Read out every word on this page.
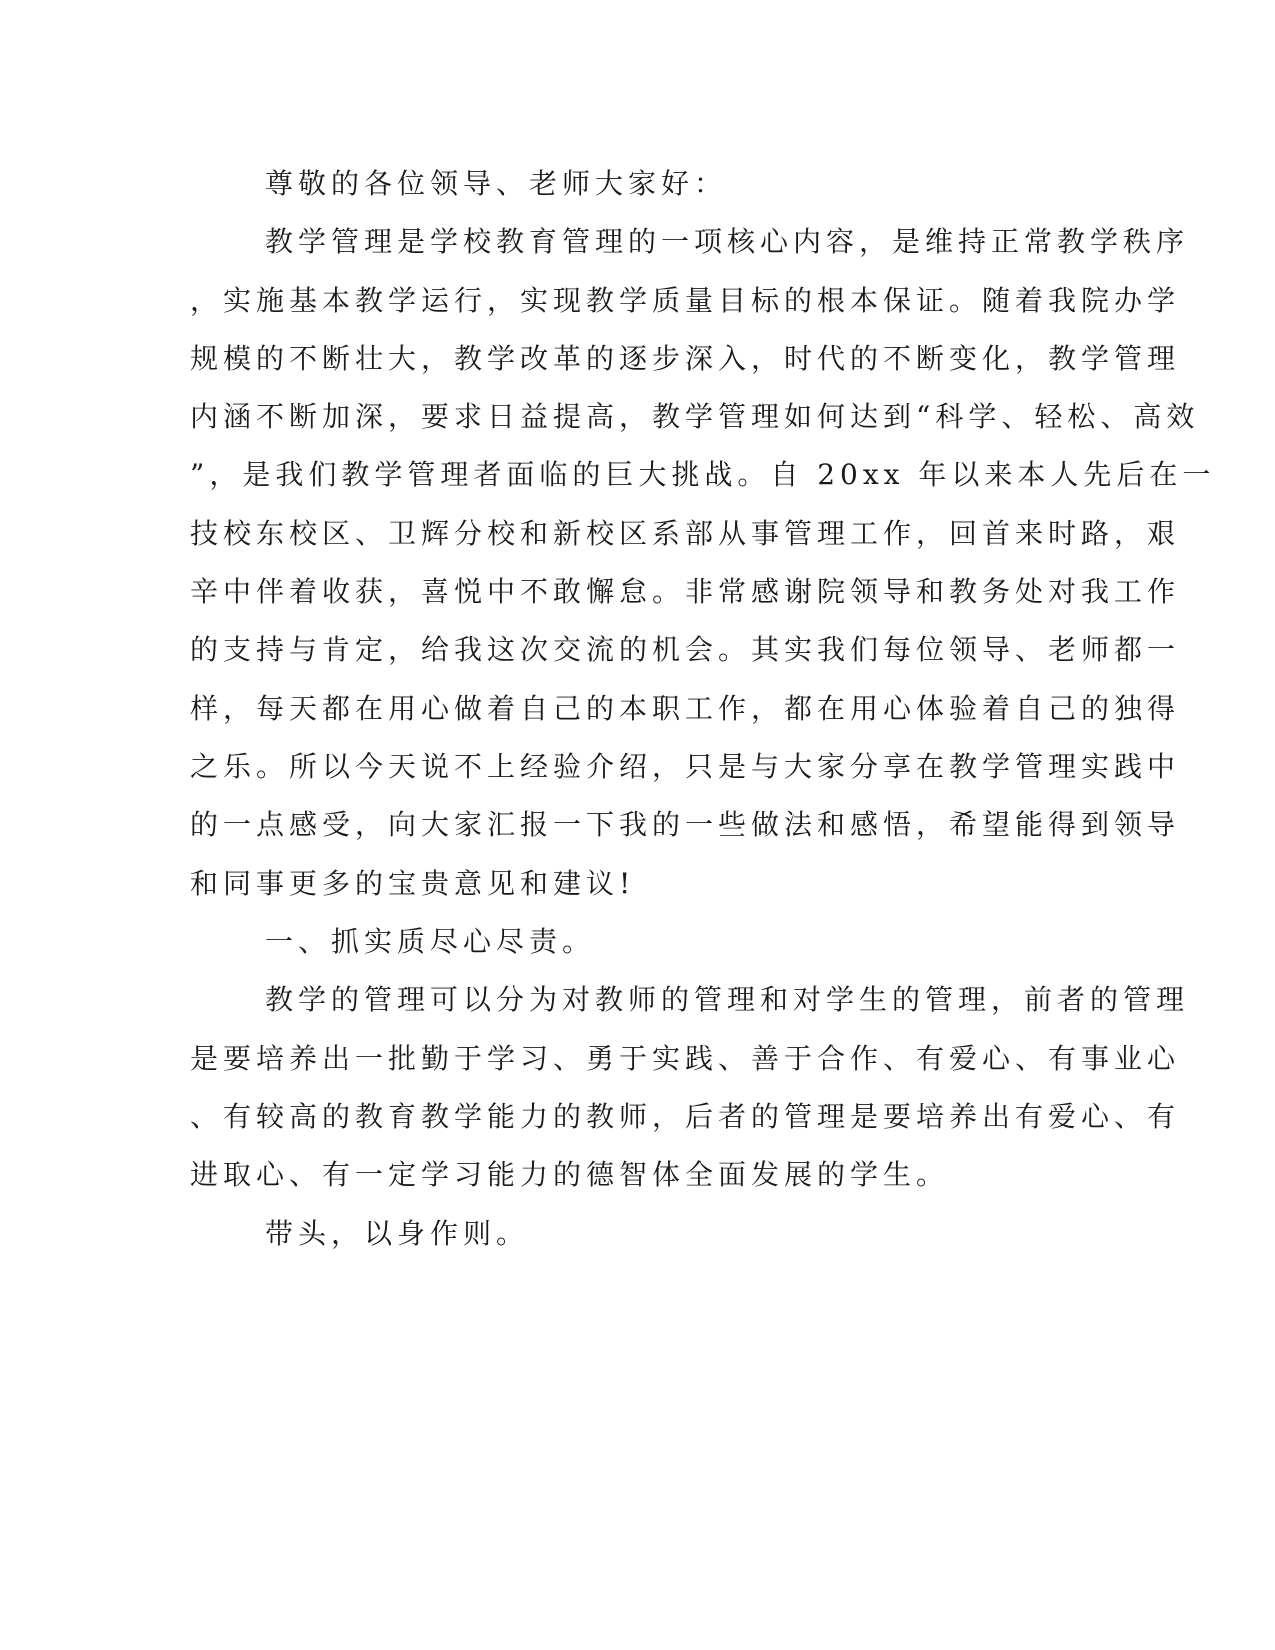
尊敬的各位领导、老师大家好：
教学管理是学校教育管理的一项核心内容，是维持正常教学秩序
，实施基本教学运行，实现教学质量目标的根本保证。随着我院办学
规模的不断壮大，教学改革的逐步深入，时代的不断变化，教学管理
内涵不断加深，要求日益提高，教学管理如何达到“科学、轻松、高效
”，是我们教学管理者面临的巨大挑战。自 20xx 年以来本人先后在一
技校东校区、卫辉分校和新校区系部从事管理工作，回首来时路，艰
辛中伴着收获，喜悦中不敢懈怠。非常感谢院领导和教务处对我工作
的支持与肯定，给我这次交流的机会。其实我们每位领导、老师都一
样，每天都在用心做着自己的本职工作，都在用心体验着自己的独得
之乐。所以今天说不上经验介绍，只是与大家分享在教学管理实践中
的一点感受，向大家汇报一下我的一些做法和感悟，希望能得到领导
和同事更多的宝贵意见和建议!
一、抓实质尽心尽责。
教学的管理可以分为对教师的管理和对学生的管理，前者的管理
是要培养出一批勤于学习、勇于实践、善于合作、有爱心、有事业心
、有较高的教育教学能力的教师，后者的管理是要培养出有爱心、有
进取心、有一定学习能力的德智体全面发展的学生。
带头，以身作则。
